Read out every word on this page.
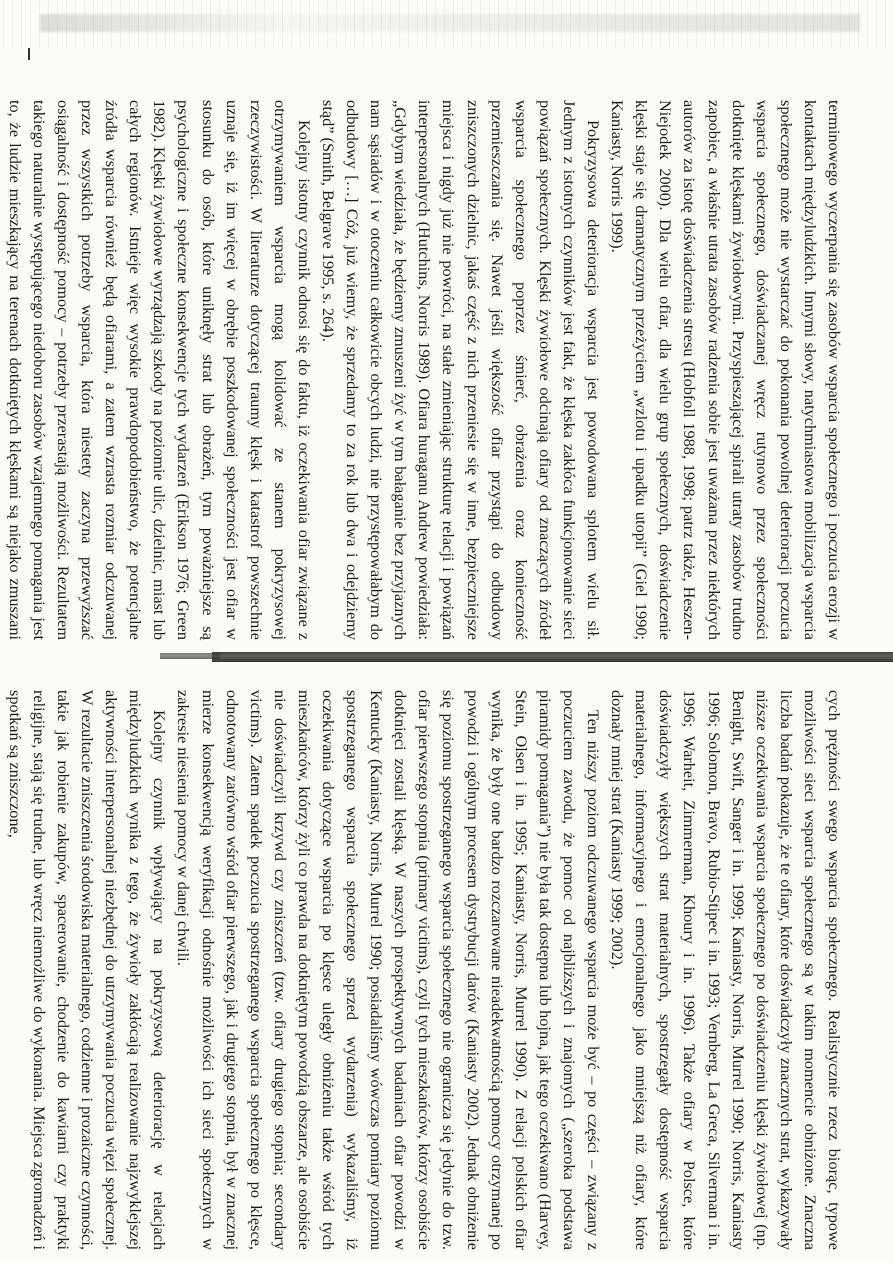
terminowego wyczerpania się zasobów wsparcia społecznego i poczucia erozji w kontaktach międzyludzkich. Innymi słowy, natychmiastowa mobilizacja wsparcia społecznego może nie wystarczać do pokonania powolnej deterioracji poczucia wsparcia społecznego, doświadczanej wręcz rutynowo przez społeczności dotknięte klęskami żywiołowymi. Przyspieszającej spirali utraty zasobów trudno zapobiec, a właśnie utrata zasobów radzenia sobie jest uważana przez niektórych autorów za istotę doświadczenia stresu (Hobfoll 1988, 1998; patrz także, Heszen-Niejodek 2000). Dla wielu ofiar, dla wielu grup społecznych, doświadczenie klęski staje się dramatycznym przeżyciem „wzlotu i upadku utopii” (Giel 1990; Kaniasty, Norris 1999).

Pokryzysowa deterioracja wsparcia jest powodowana splotem wielu sił. Jednym z istotnych czynników jest fakt, że klęska zakłóca funkcjonowanie sieci powiązań społecznych. Klęski żywiołowe odcinają ofiary od znaczących źródeł wsparcia społecznego poprzez śmierć, obrażenia oraz konieczność przemieszczania się. Nawet jeśli większość ofiar przystąpi do odbudowy zniszczonych dzielnic, jakaś część z nich przeniesie się w inne, bezpieczniejsze miejsca i nigdy już nie powróci, na stałe zmieniając strukturę relacji i powiązań interpersonalnych (Hutchins, Norris 1989). Ofiara huraganu Andrew powiedziała: „Gdybym wiedziała, że będziemy zmuszeni żyć w tym bałaganie bez przyjaznych nam sąsiadów i w otoczeniu całkowicie obcych ludzi, nie przystępowałabym do odbudowy […] Cóż, już wiemy, że sprzedamy to za rok lub dwa i odejdziemy stąd” (Smith, Belgrave 1995, s. 264).

Kolejny istotny czynnik odnosi się do faktu, iż oczekiwania ofiar związane z otrzymywaniem wsparcia mogą kolidować ze stanem pokryzysowej rzeczywistości. W literaturze dotyczącej traumy klęsk i katastrof powszechnie uznaje się, iż im więcej w obrębie poszkodowanej społeczności jest ofiar w stosunku do osób, które uniknęły strat lub obrażeń, tym poważniejsze są psychologiczne i społeczne konsekwencje tych wydarzeń (Erikson 1976; Green 1982). Klęski żywiołowe wyrządzają szkody na poziomie ulic, dzielnic, miast lub całych regionów. Istnieje więc wysokie prawdopodobieństwo, że potencjalne źródła wsparcia również będą ofiarami, a zatem wzrasta rozmiar odczuwanej przez wszystkich potrzeby wsparcia, która niestety zaczyna przewyższać osiągalność i dostępność pomocy – potrzeby przerastają możliwości. Rezultatem takiego naturalnie występującego niedoboru zasobów wzajemnego pomagania jest to, że ludzie mieszkający na terenach dotkniętych klęskami są niejako zmuszani

cych prężności swego wsparcia społecznego. Realistycznie rzecz biorąc, typowe możliwości sieci wsparcia społecznego są w takim momencie obniżone. Znaczna liczba badań pokazuje, że te ofiary, które doświadczyły znacznych strat, wykazywały niższe oczekiwania wsparcia społecznego po doświadczeniu klęski żywiołowej (np. Benight, Swift, Sanger i in. 1999; Kaniasty, Norris, Murrel 1990; Norris, Kaniasty 1996; Solomon, Bravo, Rubio-Stipec i in. 1993; Vernberg, La Greca, Silverman i in. 1996; Warheit, Zimmerman, Khoury i in. 1996). Także ofiary w Polsce, które doświadczyły większych strat materialnych, spostrzegały dostępność wsparcia materialnego, informacyjnego i emocjonalnego jako mniejszą niż ofiary, które doznały mniej strat (Kaniasty 1999; 2002).

Ten niższy poziom odczuwanego wsparcia może być – po części – związany z poczuciem zawodu, że pomoc od najbliższych i znajomych („szeroka podstawa piramidy pomagania”) nie była tak dostępna lub hojna, jak tego oczekiwano (Harvey, Stein, Olsen i in. 1995; Kaniasty, Norris, Murrel 1990). Z relacji polskich ofiar wynika, że były one bardzo rozczarowane nieadekwatnością pomocy otrzymanej po powodzi i ogólnym procesem dystrybucji darów (Kaniasty 2002). Jednak obniżenie się poziomu spostrzeganego wsparcia społecznego nie ogranicza się jedynie do tzw. ofiar pierwszego stopnia (primary victims), czyli tych mieszkańców, którzy osobiście dotknięci zostali klęską. W naszych prospektywnych badaniach ofiar powodzi w Kentucky (Kaniasty, Norris, Murrel 1990; posiadaliśmy wówczas pomiary poziomu spostrzeganego wsparcia społecznego sprzed wydarzenia) wykazaliśmy, iż oczekiwania dotyczące wsparcia po klęsce uległy obniżeniu także wśród tych mieszkańców, którzy żyli co prawda na dotkniętym powodzią obszarze, ale osobiście nie doświadczyli krzywd czy zniszczeń (tzw. ofiary drugiego stopnia; secondary victims). Zatem spadek poczucia spostrzeganego wsparcia społecznego po klęsce, odnotowany zarówno wśród ofiar pierwszego, jak i drugiego stopnia, był w znacznej mierze konsekwencją weryfikacji odnośnie możliwości ich sieci społecznych w zakresie niesienia pomocy w danej chwili.

Kolejny czynnik wpływający na pokryzysową deteriorację w relacjach międzyludzkich wynika z tego, że żywioły zakłócają realizowanie najzwyklejszej aktywności interpersonalnej niezbędnej do utrzymywania poczucia więzi społecznej. W rezultacie zniszczenia środowiska materialnego, codzienne i prozaiczne czynności, takie jak robienie zakupów, spacerowanie, chodzenie do kawiarni czy praktyki religijne, stają się trudne, lub wręcz niemożliwe do wykonania. Miejsca zgromadzeń i spotkań są zniszczone,
